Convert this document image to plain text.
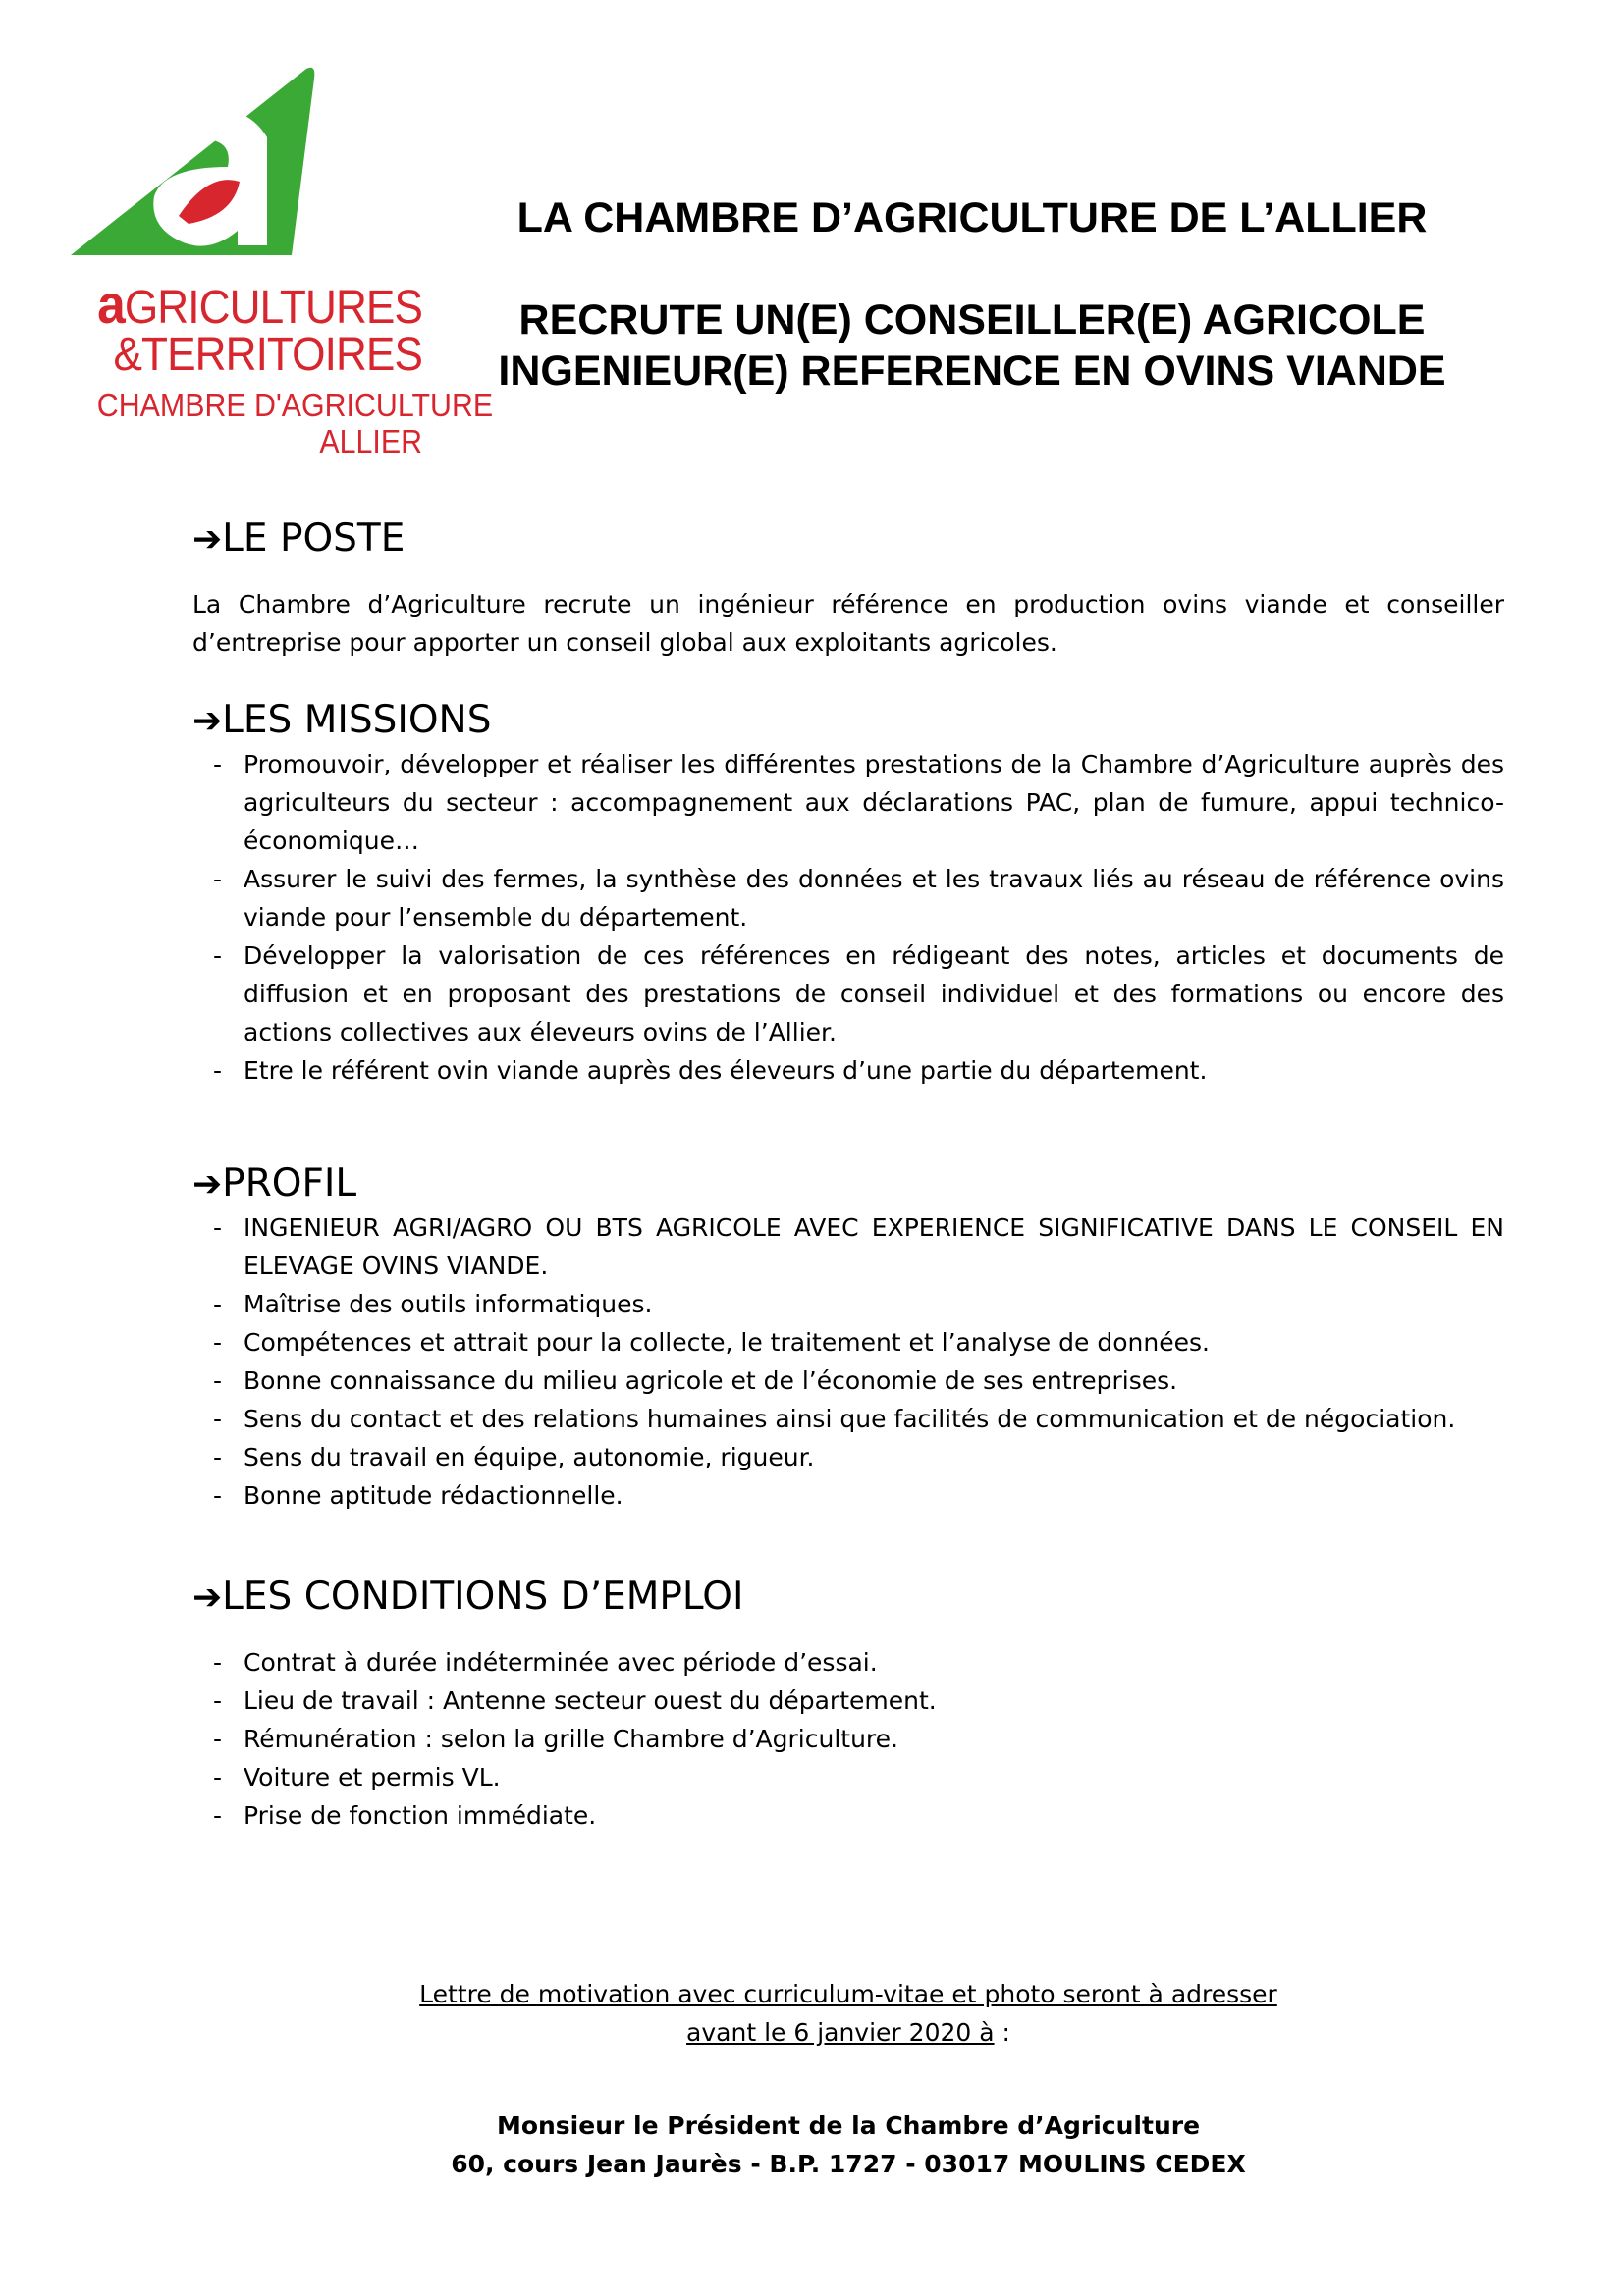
aGRICULTURES
&TERRITOIRES
CHAMBRE D'AGRICULTURE
ALLIER
LA CHAMBRE D’AGRICULTURE DE L’ALLIER
RECRUTE UN(E) CONSEILLER(E) AGRICOLE
INGENIEUR(E) REFERENCE EN OVINS VIANDE
➔LE POSTE

La Chambre d’Agriculture recrute un ingénieur référence en production ovins viande et conseiller d’entreprise pour apporter un conseil global aux exploitants agricoles.

➔LES MISSIONS
- Promouvoir, développer et réaliser les différentes prestations de la Chambre d’Agriculture auprès des agriculteurs du secteur : accompagnement aux déclarations PAC, plan de fumure, appui technico-économique…
- Assurer le suivi des fermes, la synthèse des données et les travaux liés au réseau de référence ovins viande pour l’ensemble du département.
- Développer la valorisation de ces références en rédigeant des notes, articles et documents de diffusion et en proposant des prestations de conseil individuel et des formations ou encore des actions collectives aux éleveurs ovins de l’Allier.
- Etre le référent ovin viande auprès des éleveurs d’une partie du département.
➔PROFIL
- INGENIEUR AGRI/AGRO OU BTS AGRICOLE AVEC EXPERIENCE SIGNIFICATIVE DANS LE CONSEIL EN ELEVAGE OVINS VIANDE.
- Maîtrise des outils informatiques.
- Compétences et attrait pour la collecte, le traitement et l’analyse de données.
- Bonne connaissance du milieu agricole et de l’économie de ses entreprises.
- Sens du contact et des relations humaines ainsi que facilités de communication et de négociation.
- Sens du travail en équipe, autonomie, rigueur.
- Bonne aptitude rédactionnelle.
➔LES CONDITIONS D’EMPLOI
- Contrat à durée indéterminée avec période d’essai.
- Lieu de travail : Antenne secteur ouest du département.
- Rémunération : selon la grille Chambre d’Agriculture.
- Voiture et permis VL.
- Prise de fonction immédiate.
Lettre de motivation avec curriculum-vitae et photo seront à adresser
avant le 6 janvier 2020 à :
Monsieur le Président de la Chambre d’Agriculture
60, cours Jean Jaurès - B.P. 1727 - 03017 MOULINS CEDEX
